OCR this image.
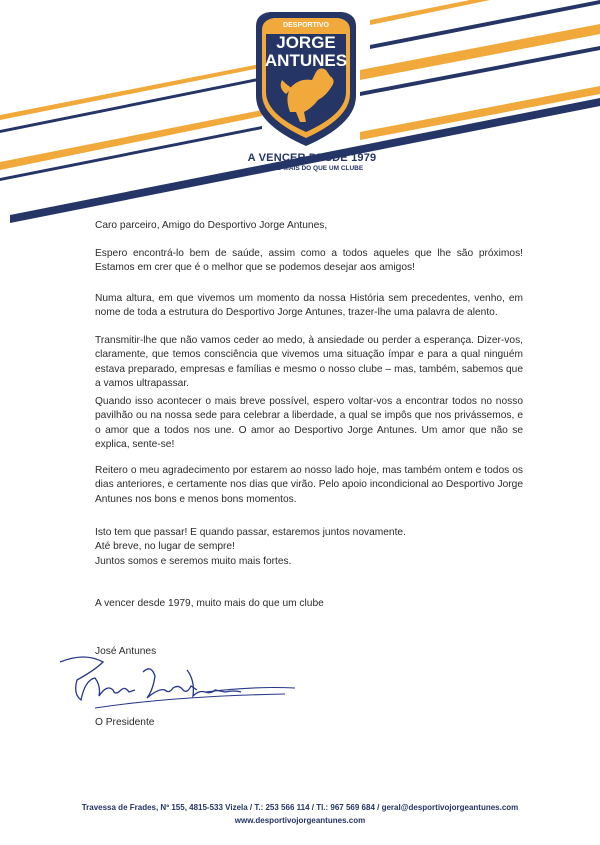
DESPORTIVO
JORGE
ANTUNES
A VENCER DESDE 1979
MUITO MAIS DO QUE UM CLUBE
Caro parceiro, Amigo do Desportivo Jorge Antunes,

Espero encontrá-lo bem de saúde, assim como a todos aqueles que lhe são próximos! Estamos em crer que é o melhor que se podemos desejar aos amigos!

Numa altura, em que vivemos um momento da nossa História sem precedentes, venho, em nome de toda a estrutura do Desportivo Jorge Antunes, trazer-lhe uma palavra de alento.

Transmitir-lhe que não vamos ceder ao medo, à ansiedade ou perder a esperança. Dizer-vos, claramente, que temos consciência que vivemos uma situação ímpar e para a qual ninguém estava preparado, empresas e famílias e mesmo o nosso clube – mas, também, sabemos que a vamos ultrapassar.

Quando isso acontecer o mais breve possível, espero voltar-vos a encontrar todos no nosso pavilhão ou na nossa sede para celebrar a liberdade, a qual se impôs que nos privássemos, e o amor que a todos nos une. O amor ao Desportivo Jorge Antunes. Um amor que não se explica, sente-se!

Reitero o meu agradecimento por estarem ao nosso lado hoje, mas também ontem e todos os dias anteriores, e certamente nos dias que virão. Pelo apoio incondicional ao Desportivo Jorge Antunes nos bons e menos bons momentos.

Isto tem que passar! E quando passar, estaremos juntos novamente.

Até breve, no lugar de sempre!

Juntos somos e seremos muito mais fortes.

A vencer desde 1979, muito mais do que um clube
José Antunes
O Presidente
Travessa de Frades, Nº 155, 4815-533 Vizela / T.: 253 566 114 / Tl.: 967 569 684 / geral@desportivojorgeantunes.com
www.desportivojorgeantunes.com
